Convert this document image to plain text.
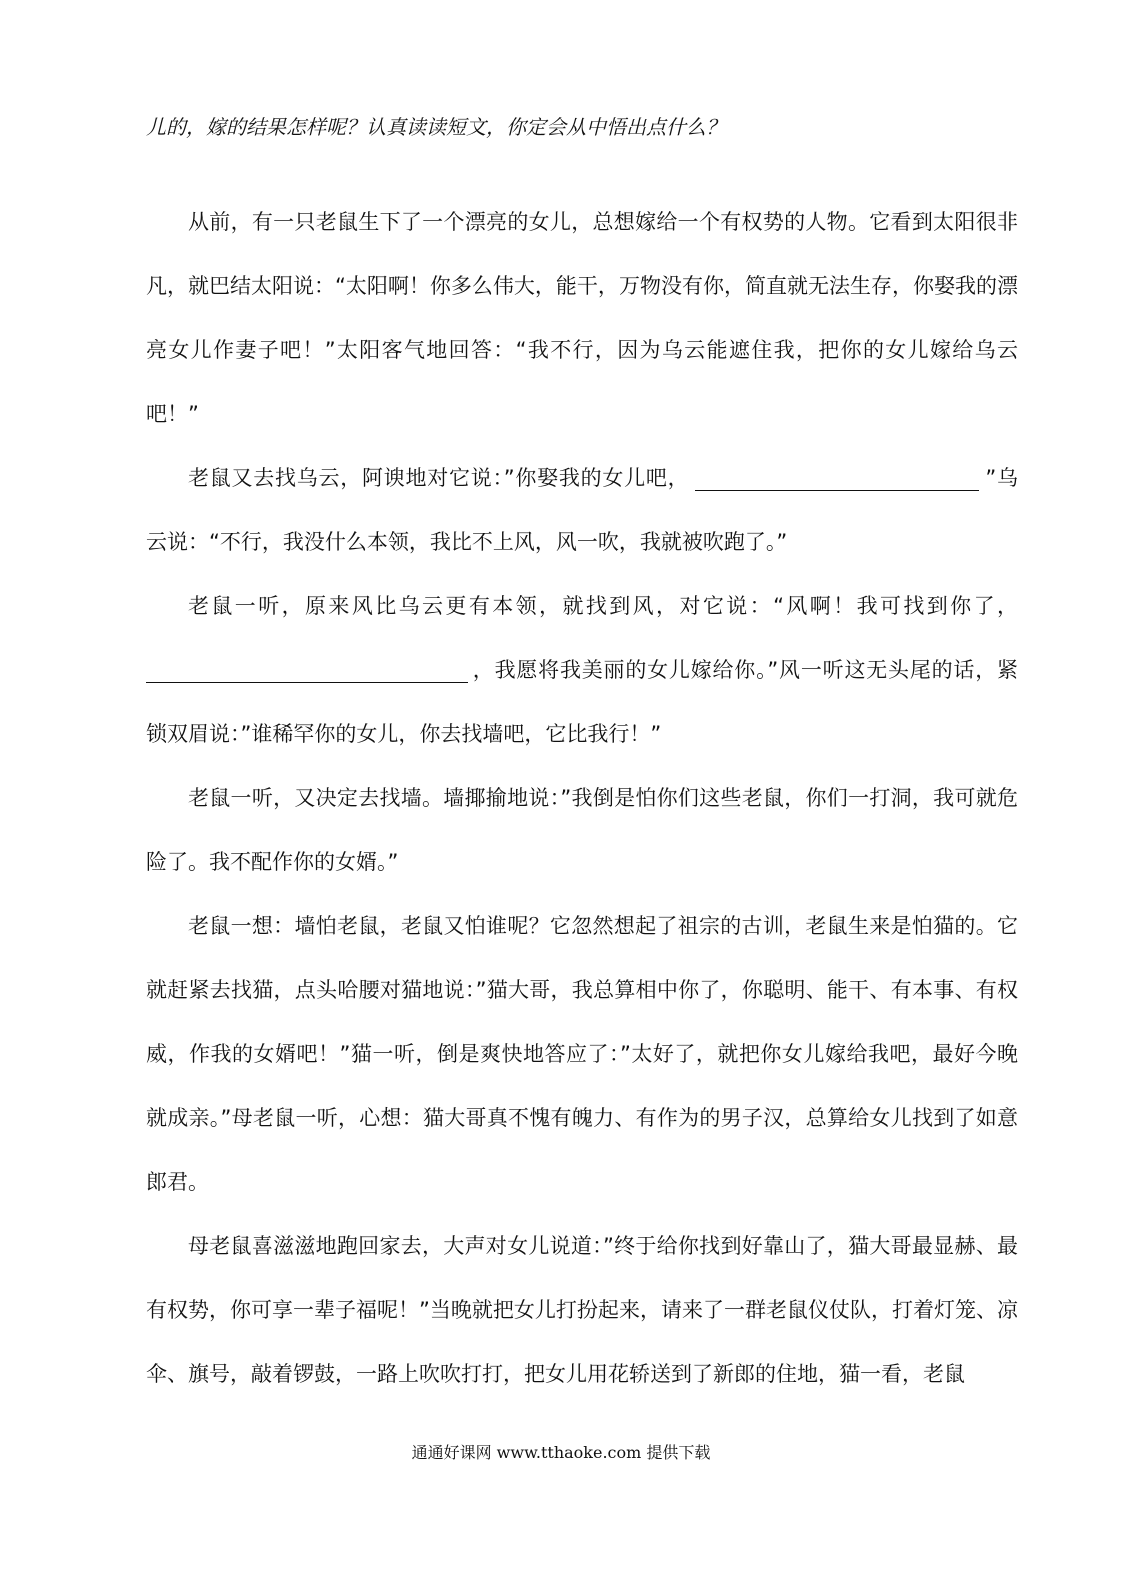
儿的，嫁的结果怎样呢？认真读读短文，你定会从中悟出点什么？

从前，有一只老鼠生下了一个漂亮的女儿，总想嫁给一个有权势的人物。它看到太阳很非凡，就巴结太阳说：“太阳啊！你多么伟大，能干，万物没有你，简直就无法生存，你娶我的漂亮女儿作妻子吧！”太阳客气地回答：“我不行，因为乌云能遮住我，把你的女儿嫁给乌云吧！”

老鼠又去找乌云，阿谀地对它说：”你娶我的女儿吧，	”乌云说：“不行，我没什么本领，我比不上风，风一吹，我就被吹跑了。”

老鼠一听，原来风比乌云更有本领，就找到风，对它说：“风啊！我可找到你了，，我愿将我美丽的女儿嫁给你。”风一听这无头尾的话，紧锁双眉说：”谁稀罕你的女儿，你去找墙吧，它比我行！”

老鼠一听，又决定去找墙。墙揶揄地说：”我倒是怕你们这些老鼠，你们一打洞，我可就危险了。我不配作你的女婿。”

老鼠一想：墙怕老鼠，老鼠又怕谁呢？它忽然想起了祖宗的古训，老鼠生来是怕猫的。它就赶紧去找猫，点头哈腰对猫地说：”猫大哥，我总算相中你了，你聪明、能干、有本事、有权威，作我的女婿吧！”猫一听，倒是爽快地答应了：”太好了，就把你女儿嫁给我吧，最好今晚就成亲。”母老鼠一听，心想：猫大哥真不愧有魄力、有作为的男子汉，总算给女儿找到了如意郎君。

母老鼠喜滋滋地跑回家去，大声对女儿说道：”终于给你找到好靠山了，猫大哥最显赫、最有权势，你可享一辈子福呢！”当晚就把女儿打扮起来，请来了一群老鼠仪仗队，打着灯笼、凉伞、旗号，敲着锣鼓，一路上吹吹打打，把女儿用花轿送到了新郎的住地，猫一看，老鼠

通通好课网 www.tthaoke.com 提供下载
